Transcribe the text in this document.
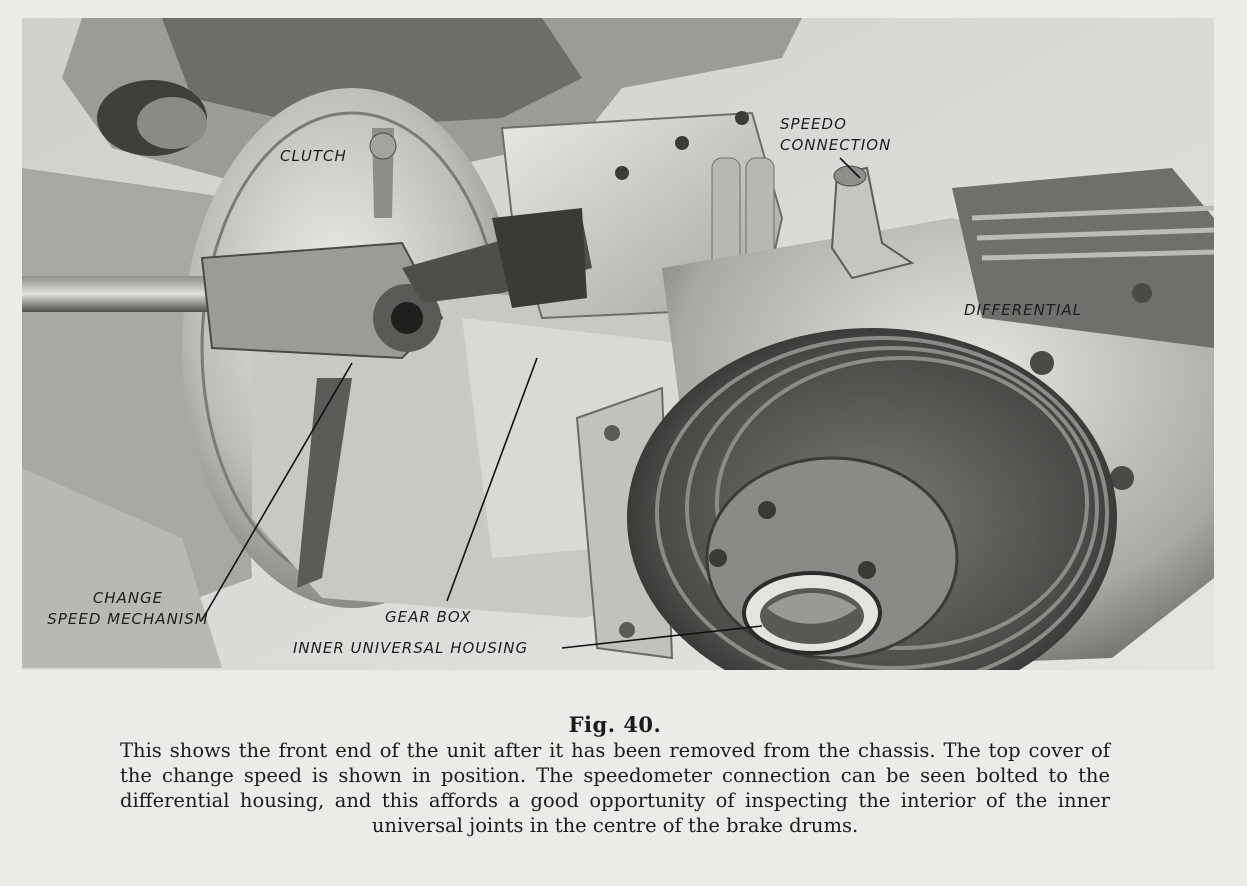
CLUTCH
SPEEDO
CONNECTION
DIFFERENTIAL
CHANGE
SPEED MECHANISM	GEAR BOX
INNER UNIVERSAL HOUSING
Fig. 40.
This shows the front end of the unit after it has been removed from the chassis. The top cover of the change speed is shown in position. The speedometer connection can be seen bolted to the differential housing, and this affords a good opportunity of inspecting the interior of the inner universal joints in the centre of the brake drums.
